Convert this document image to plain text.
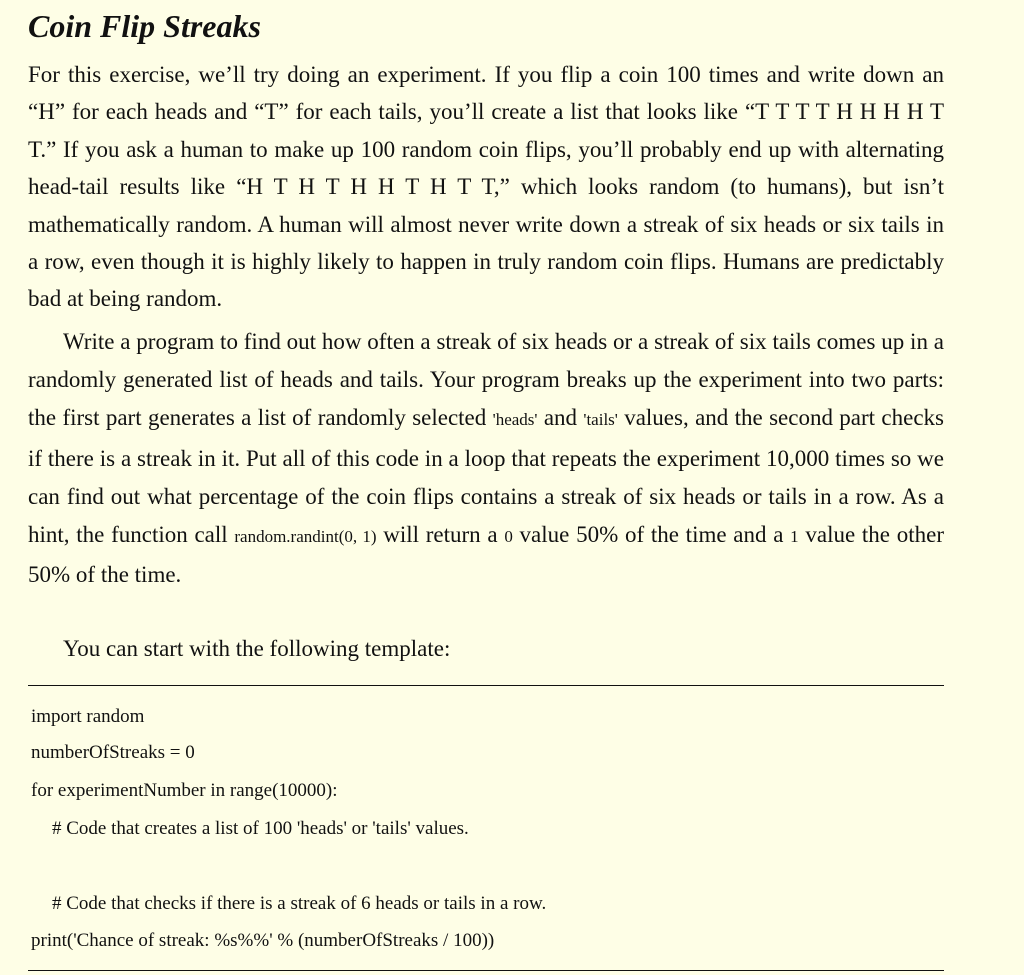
Coin Flip Streaks

For this exercise, we’ll try doing an experiment. If you flip a coin 100 times and write down an “H” for each heads and “T” for each tails, you’ll create a list that looks like “T T T T H H H H T T.” If you ask a human to make up 100 random coin flips, you’ll probably end up with alternating head-tail results like “H T H T H H T H T T,” which looks random (to humans), but isn’t mathematically random. A human will almost never write down a streak of six heads or six tails in a row, even though it is highly likely to happen in truly random coin flips. Humans are predictably bad at being random.

Write a program to find out how often a streak of six heads or a streak of six tails comes up in a randomly generated list of heads and tails. Your program breaks up the experiment into two parts: the first part generates a list of randomly selected 'heads' and 'tails' values, and the second part checks if there is a streak in it. Put all of this code in a loop that repeats the experiment 10,000 times so we can find out what percentage of the coin flips contains a streak of six heads or tails in a row. As a hint, the function call random.randint(0, 1) will return a 0 value 50% of the time and a 1 value the other 50% of the time.

You can start with the following template:

import random
numberOfStreaks = 0
for experimentNumber in range(10000):
# Code that creates a list of 100 'heads' or 'tails' values.
# Code that checks if there is a streak of 6 heads or tails in a row.
print('Chance of streak: %s%%' % (numberOfStreaks / 100))
